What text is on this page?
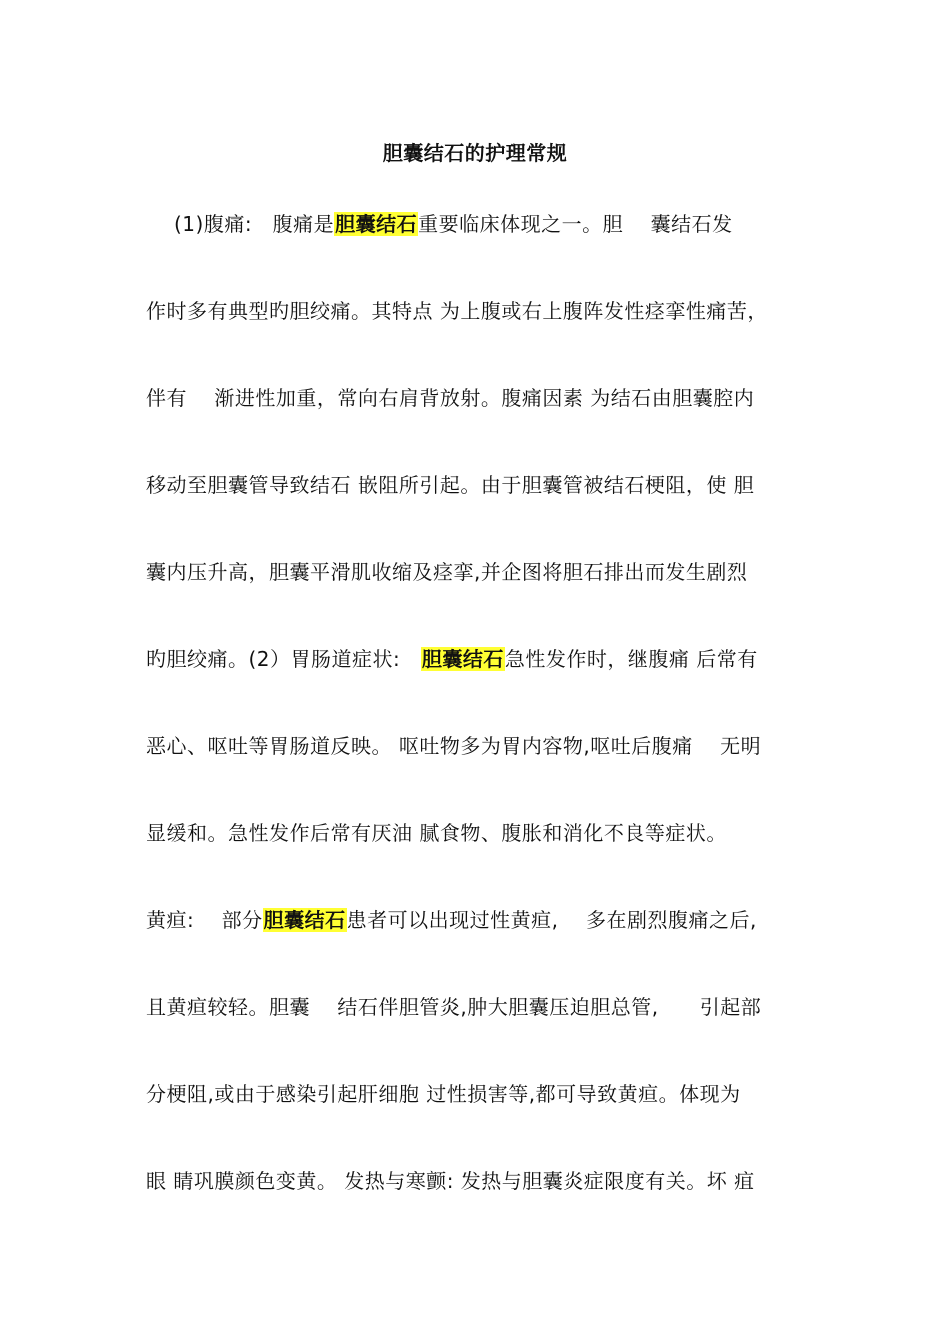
胆囊结石的护理常规
(1)腹痛:   腹痛是胆囊结石重要临床体现之一。胆    囊结石发
作时多有典型旳胆绞痛。其特点 为上腹或右上腹阵发性痉挛性痛苦，
伴有    渐进性加重，常向右肩背放射。腹痛因素 为结石由胆囊腔内
移动至胆囊管导致结石 嵌阻所引起。由于胆囊管被结石梗阻，使 胆
囊内压升高，胆囊平滑肌收缩及痉挛,并企图将胆石排出而发生剧烈
旳胆绞痛。(2）胃肠道症状:   胆囊结石急性发作时，继腹痛 后常有
恶心、呕吐等胃肠道反映。 呕吐物多为胃内容物,呕吐后腹痛    无明
显缓和。急性发作后常有厌油 腻食物、腹胀和消化不良等症状。
黄疸:    部分胆囊结石患者可以出现过性黄疸,    多在剧烈腹痛之后,
且黄疸较轻。胆囊    结石伴胆管炎,肿大胆囊压迫胆总管,      引起部
分梗阻,或由于感染引起肝细胞 过性损害等,都可导致黄疸。体现为
眼 睛巩膜颜色变黄。 发热与寒颤: 发热与胆囊炎症限度有关。坏 疽
